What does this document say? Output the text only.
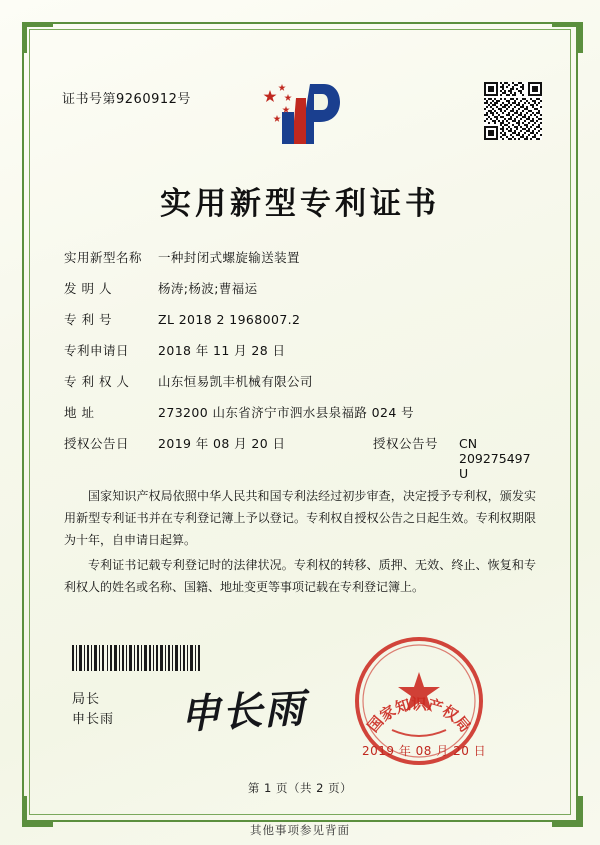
证书号第9260912号
实用新型专利证书
实用新型名称	一种封闭式螺旋输送装置
发 明 人	杨涛;杨波;曹福运
专 利 号	ZL 2018 2 1968007.2
专利申请日	2018 年 11 月 28 日
专 利 权 人	山东恒易凯丰机械有限公司
地 址	273200 山东省济宁市泗水县泉福路 024 号
授权公告日	2019 年 08 月 20 日	授权公告号	CN 209275497 U

国家知识产权局依照中华人民共和国专利法经过初步审查，决定授予专利权，颁发实用新型专利证书并在专利登记簿上予以登记。专利权自授权公告之日起生效。专利权期限为十年，自申请日起算。

专利证书记载专利登记时的法律状况。专利权的转移、质押、无效、终止、恢复和专利权人的姓名或名称、国籍、地址变更等事项记载在专利登记簿上。

局长
申长雨 申长雨	国家知识产权局
2019 年 08 月 20 日
第 1 页（共 2 页）
其他事项参见背面
